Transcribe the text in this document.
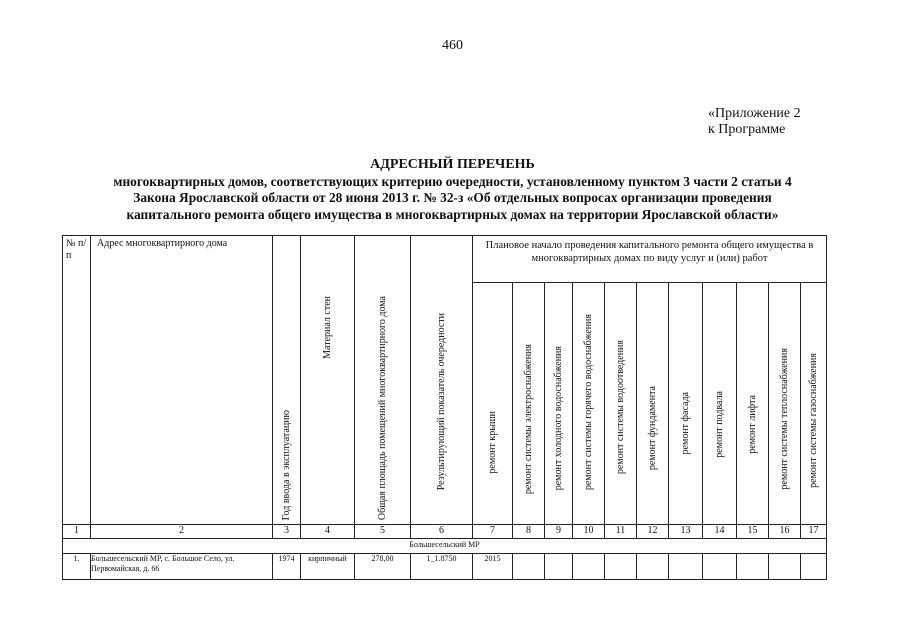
460
«Приложение 2
к Программе
АДРЕСНЫЙ ПЕРЕЧЕНЬ
многоквартирных домов, соответствующих критерию очередности, установленному пунктом 3 части 2 статьи 4
Закона Ярославской области от 28 июня 2013 г. № 32-з «Об отдельных вопросах организации проведения
капитального ремонта общего имущества в многоквартирных домах на территории Ярославской области»
№ п/п	Адрес многоквартирного дома	Год ввода в эксплуатацию	Материал стен	Общая площадь помещений многоквартирного дома	Результирующий показатель очередности	Плановое начало проведения капитального ремонта общего имущества в многоквартирных домах по виду услуг и (или) работ										

						ремонт крыши	ремонт системы электроснабжения	ремонт холодного водоснабжения	ремонт системы горячего водоснабжения	ремонт системы водоотведения	ремонт фундамента	ремонт фасада	ремонт подвала	ремонт лифта	ремонт системы теплоснабжения	ремонт системы газоснабжения

1	2	3	4	5	6	7	8	9	10	11	12	13	14	15	16	17
Большесельский МР																
1.	Большесельский МР, с. Большое Село, ул. Первомайская, д. 66	1974	кирпичный	278,00	1_1.8750	2015										
